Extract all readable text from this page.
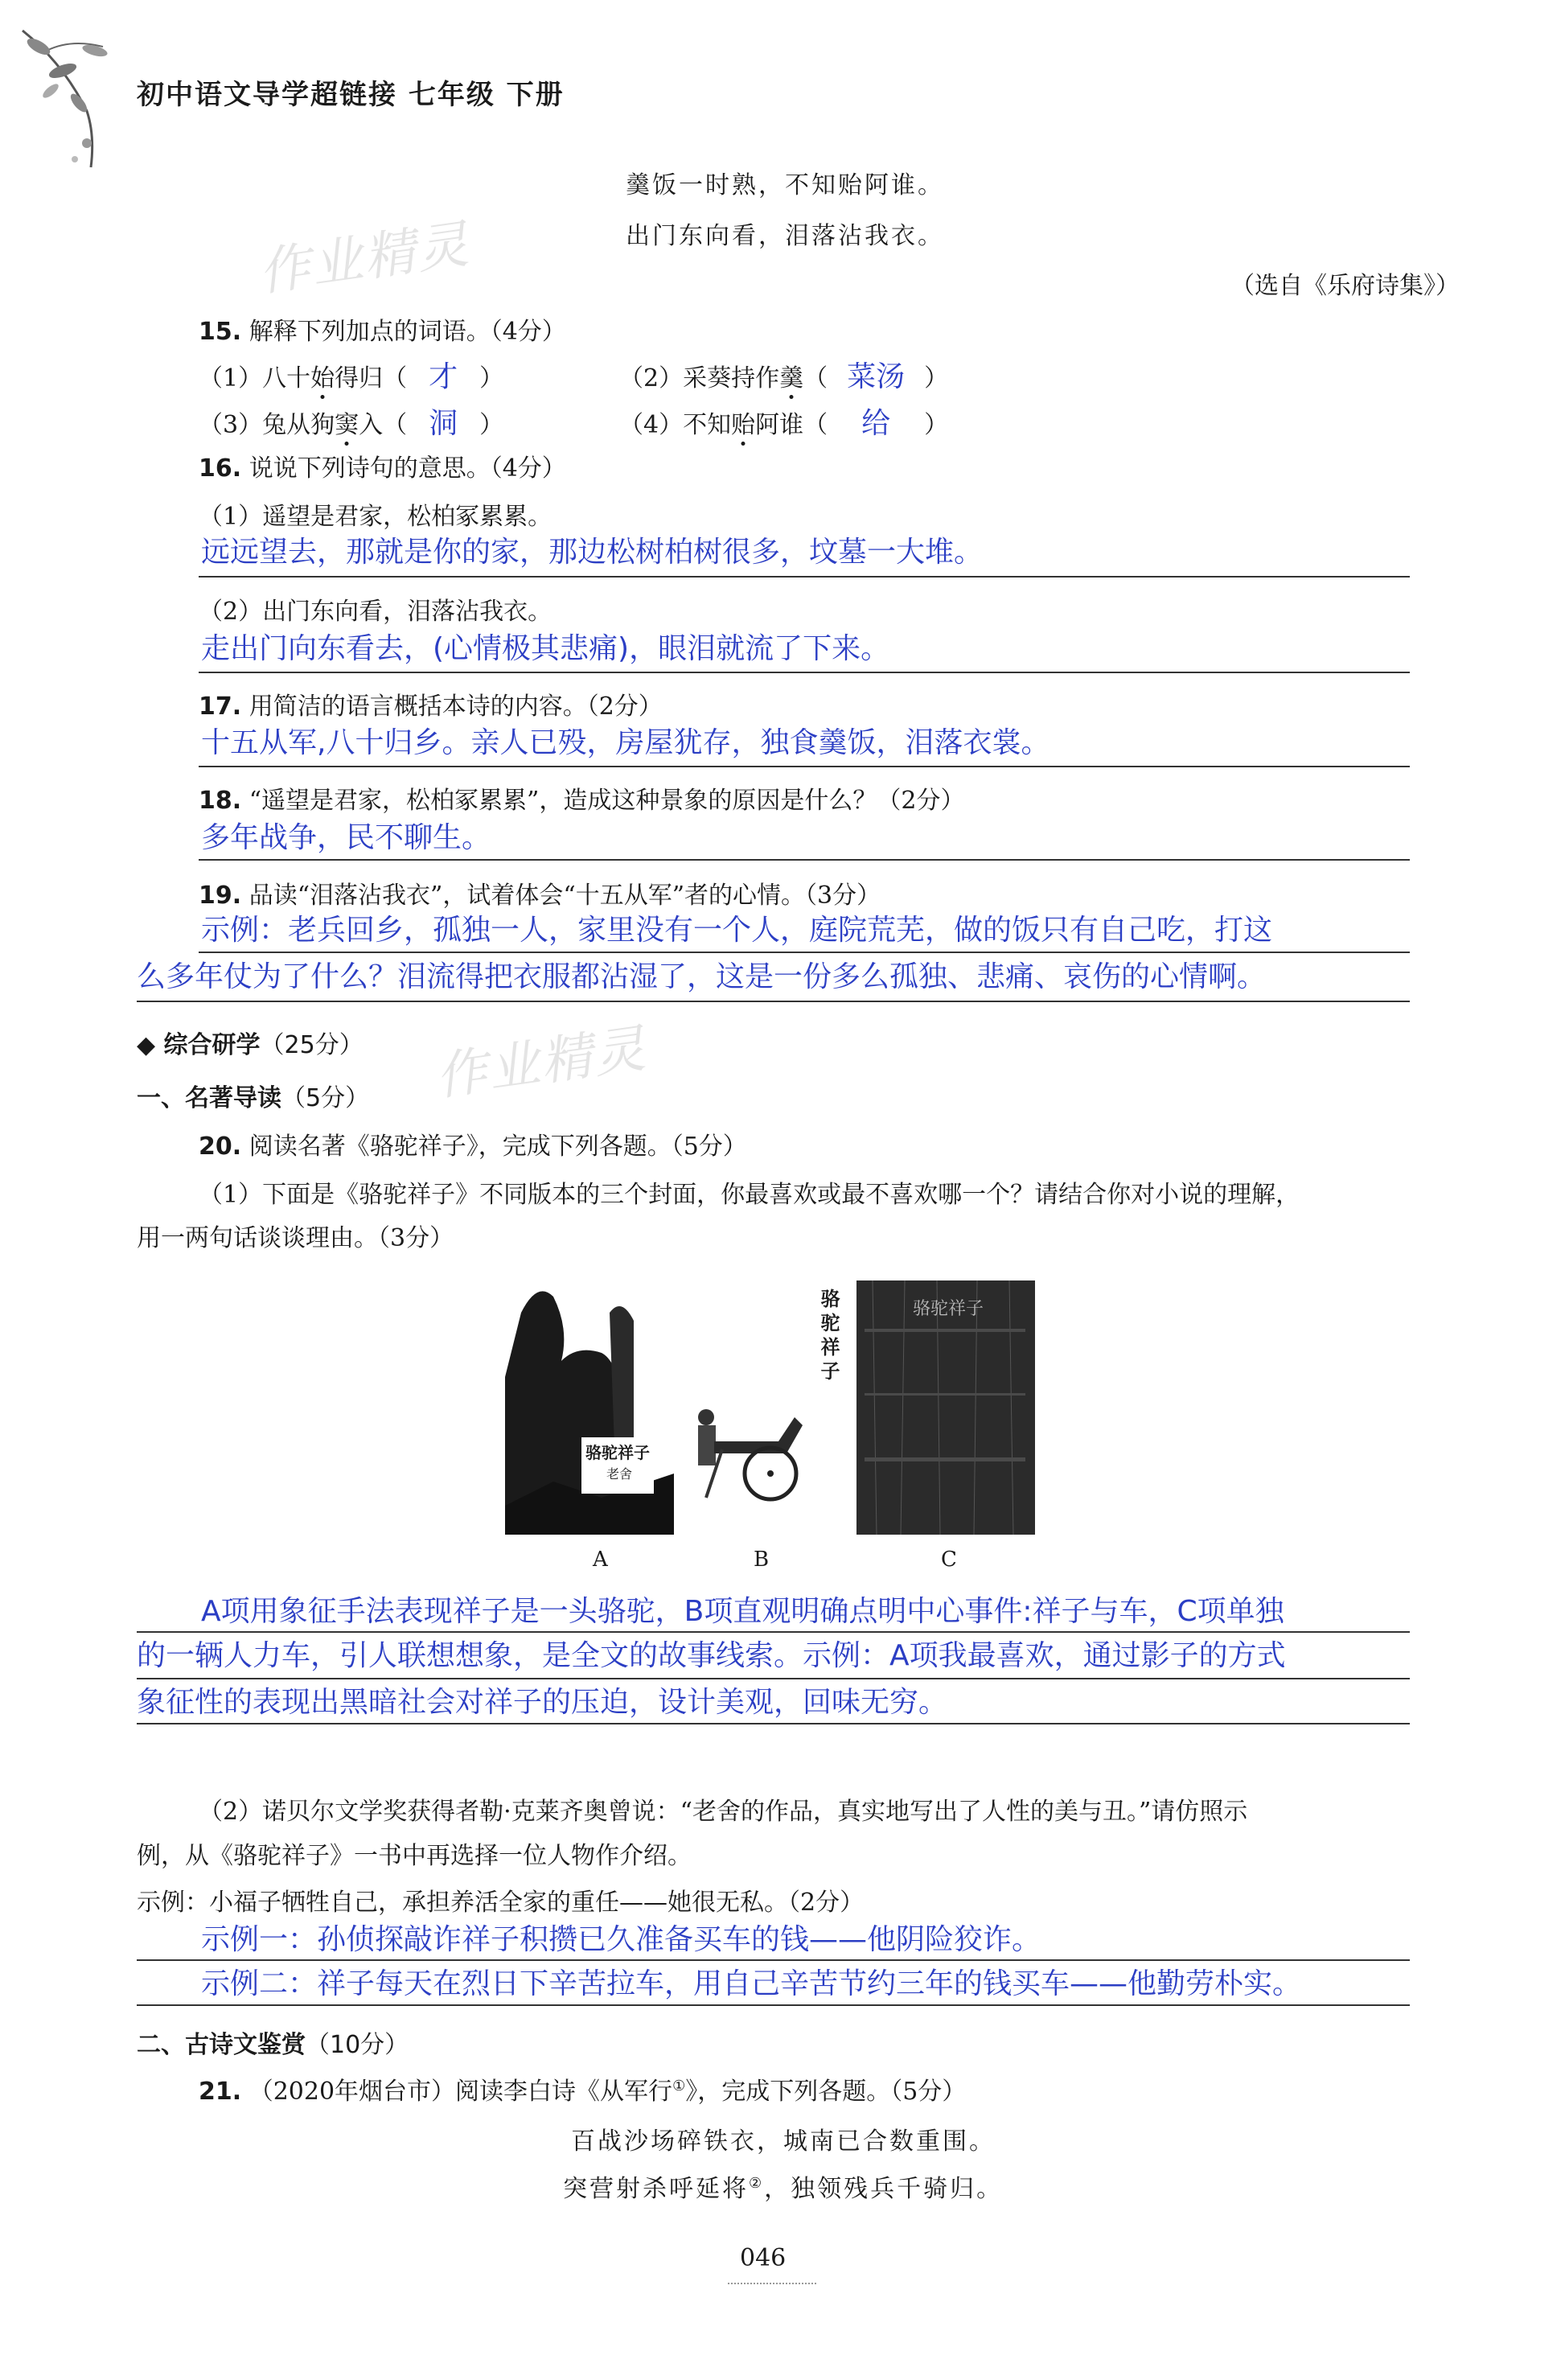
初中语文导学超链接 七年级 下册
作业精灵
作业精灵
羹饭一时熟，不知贻阿谁。
出门东向看，泪落沾我衣。
（选自《乐府诗集》）
15. 解释下列加点的词语。（4分）
（1）八十始得归（ 才 ）	（2）采葵持作羹（ 菜汤 ）
（3）兔从狗窦入（ 洞 ）	（4）不知贻阿谁（ 给 ）
16. 说说下列诗句的意思。（4分）
（1）遥望是君家，松柏冢累累。
远远望去，那就是你的家，那边松树柏树很多，坟墓一大堆。
（2）出门东向看，泪落沾我衣。
走出门向东看去，(心情极其悲痛)，眼泪就流了下来。
17. 用简洁的语言概括本诗的内容。（2分）
十五从军,八十归乡。亲人已殁，房屋犹存，独食羹饭，泪落衣裳。
18. “遥望是君家，松柏冢累累”，造成这种景象的原因是什么？（2分）
多年战争，民不聊生。
19. 品读“泪落沾我衣”，试着体会“十五从军”者的心情。（3分）
示例：老兵回乡，孤独一人，家里没有一个人，庭院荒芜，做的饭只有自己吃，打这
么多年仗为了什么？泪流得把衣服都沾湿了，这是一份多么孤独、悲痛、哀伤的心情啊。
◆ 综合研学（25分）
一、名著导读（5分）
20. 阅读名著《骆驼祥子》，完成下列各题。（5分）
（1）下面是《骆驼祥子》不同版本的三个封面，你最喜欢或最不喜欢哪一个？请结合你对小说的理解，
用一两句话谈谈理由。（3分）
骆驼祥子
老舍
骆驼祥子	骆驼祥子
A	B	C
A项用象征手法表现祥子是一头骆驼，B项直观明确点明中心事件:祥子与车，C项单独
的一辆人力车，引人联想想象，是全文的故事线索。示例：A项我最喜欢，通过影子的方式
象征性的表现出黑暗社会对祥子的压迫，设计美观，回味无穷。
（2）诺贝尔文学奖获得者勒·克莱齐奥曾说：“老舍的作品，真实地写出了人性的美与丑。”请仿照示
例，从《骆驼祥子》一书中再选择一位人物作介绍。
示例：小福子牺牲自己，承担养活全家的重任——她很无私。（2分）
示例一：孙侦探敲诈祥子积攒已久准备买车的钱——他阴险狡诈。
示例二：祥子每天在烈日下辛苦拉车，用自己辛苦节约三年的钱买车——他勤劳朴实。
二、古诗文鉴赏（10分）
21. （2020年烟台市）阅读李白诗《从军行①》，完成下列各题。（5分）
百战沙场碎铁衣，城南已合数重围。
突营射杀呼延将②，独领残兵千骑归。
046
